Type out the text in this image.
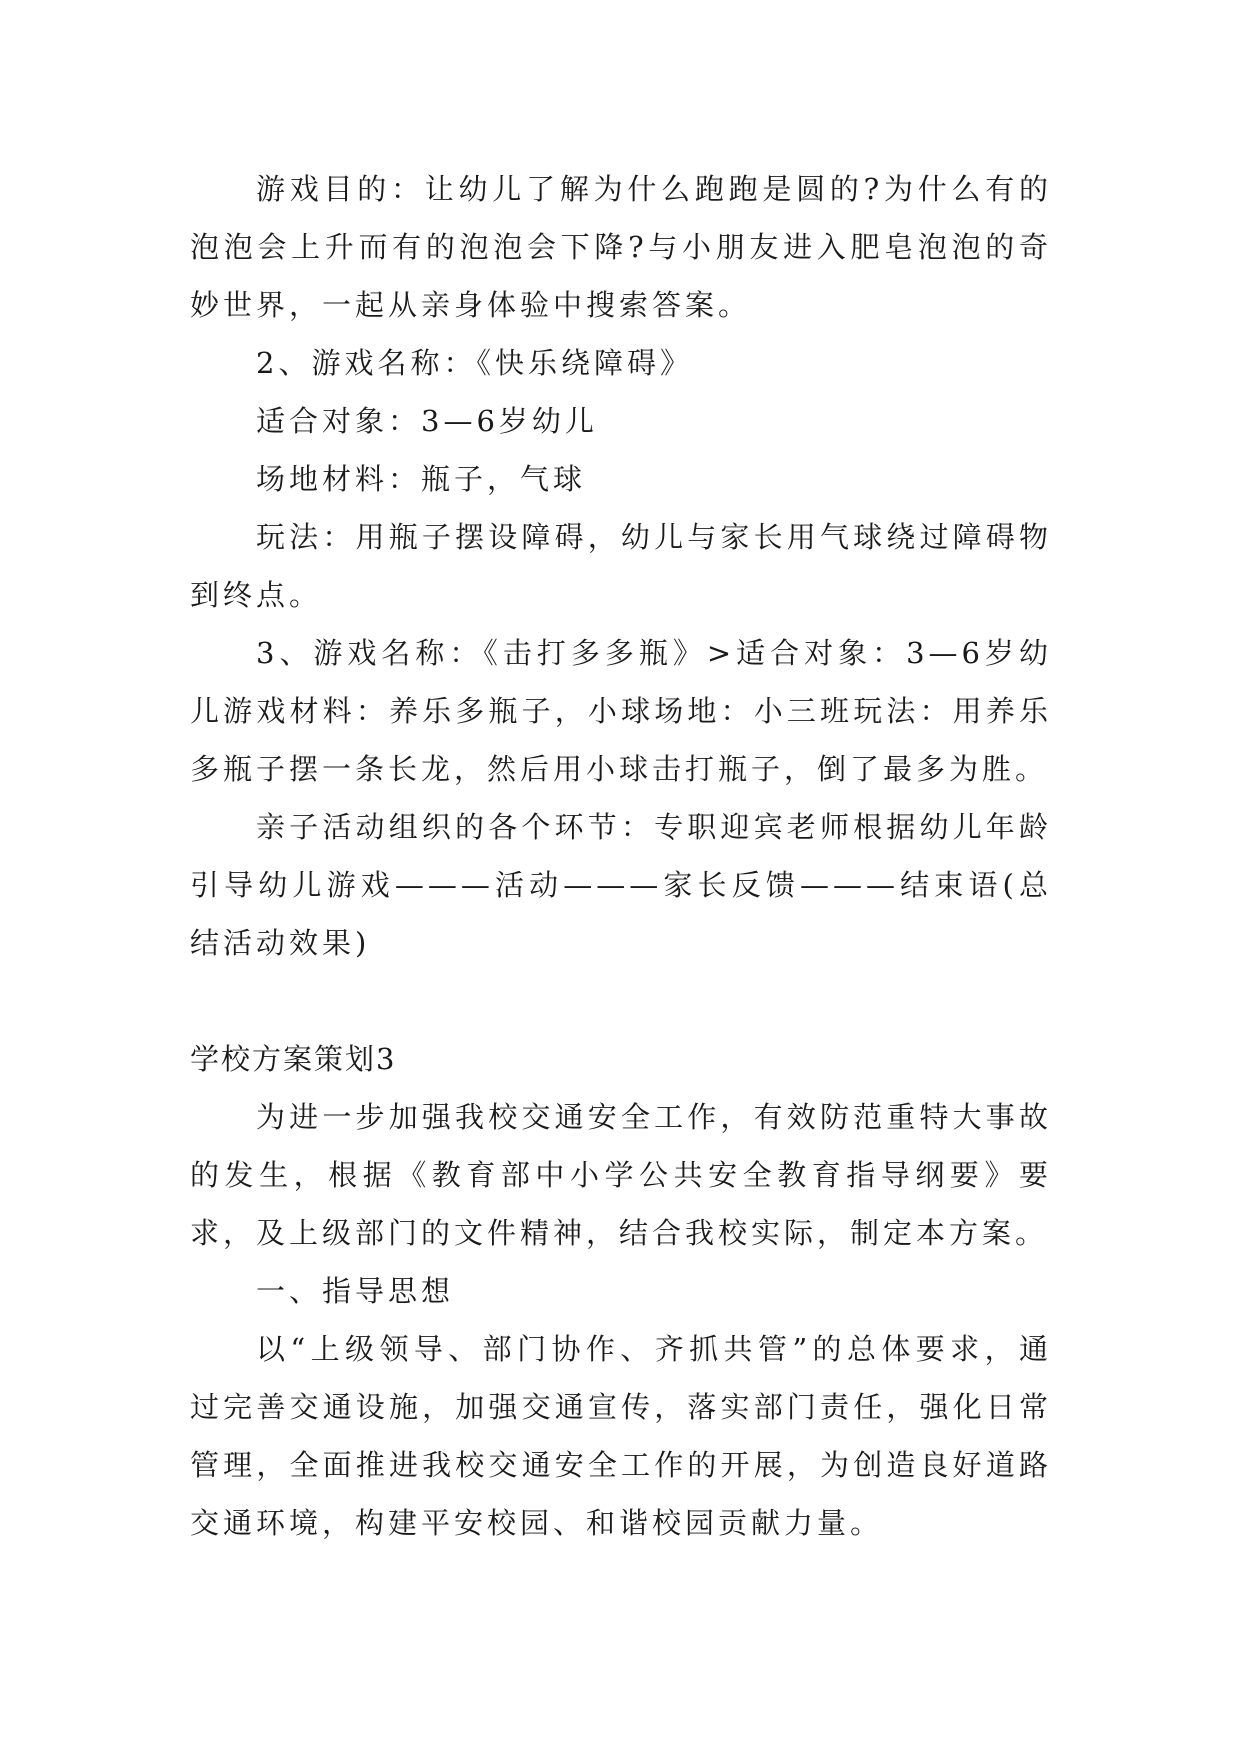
游戏目的：让幼儿了解为什么跑跑是圆的?为什么有的泡泡会上升而有的泡泡会下降?与小朋友进入肥皂泡泡的奇妙世界，一起从亲身体验中搜索答案。

2、游戏名称：《快乐绕障碍》

适合对象：3—6岁幼儿

场地材料：瓶子，气球

玩法：用瓶子摆设障碍，幼儿与家长用气球绕过障碍物到终点。

3、游戏名称：《击打多多瓶》>适合对象：3—6岁幼儿游戏材料：养乐多瓶子，小球场地：小三班玩法：用养乐多瓶子摆一条长龙，然后用小球击打瓶子，倒了最多为胜。

亲子活动组织的各个环节：专职迎宾老师根据幼儿年龄引导幼儿游戏———活动———家长反馈———结束语(总结活动效果)

学校方案策划3

为进一步加强我校交通安全工作，有效防范重特大事故的发生，根据《教育部中小学公共安全教育指导纲要》要求，及上级部门的文件精神，结合我校实际，制定本方案。

一、指导思想

以“上级领导、部门协作、齐抓共管”的总体要求，通过完善交通设施，加强交通宣传，落实部门责任，强化日常管理，全面推进我校交通安全工作的开展，为创造良好道路交通环境，构建平安校园、和谐校园贡献力量。
